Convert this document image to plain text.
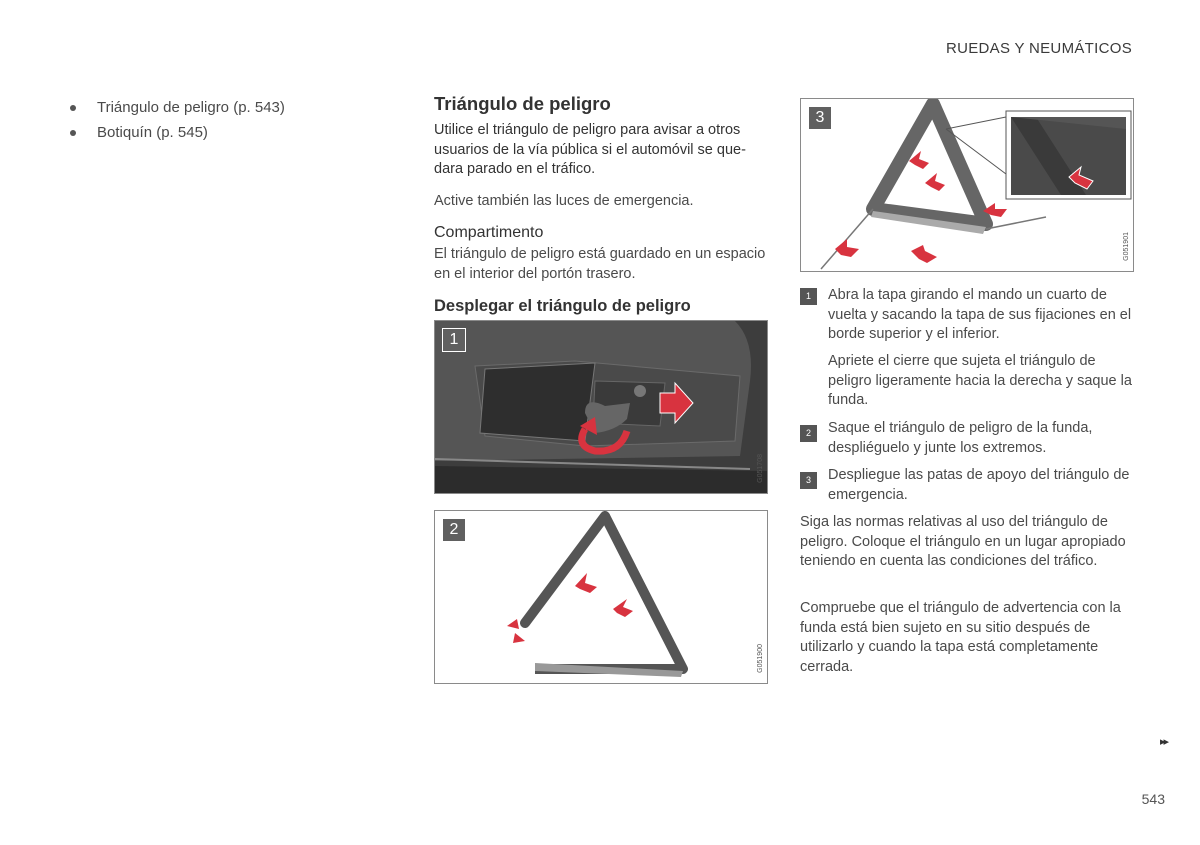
RUEDAS Y NEUMÁTICOS
Triángulo de peligro (p. 543)
Botiquín (p. 545)
Triángulo de peligro
Utilice el triángulo de peligro para avisar a otros usuarios de la vía pública si el automóvil se quedara parado en el tráfico.
Active también las luces de emergencia.
Compartimento
El triángulo de peligro está guardado en un espacio en el interior del portón trasero.
Desplegar el triángulo de peligro
1
G051708
2
G051900
3
G051901
1	Abra la tapa girando el mando un cuarto de vuelta y sacando la tapa de sus fijaciones en el borde superior y el inferior.
Apriete el cierre que sujeta el triángulo de peligro ligeramente hacia la derecha y saque la funda.
2	Saque el triángulo de peligro de la funda, despliéguelo y junte los extremos.
3	Despliegue las patas de apoyo del triángulo de emergencia.
Siga las normas relativas al uso del triángulo de peligro. Coloque el triángulo en un lugar apropiado teniendo en cuenta las condiciones del tráfico.
Compruebe que el triángulo de advertencia con la funda está bien sujeto en su sitio después de utilizarlo y cuando la tapa está completamente cerrada.
▸▸
543
